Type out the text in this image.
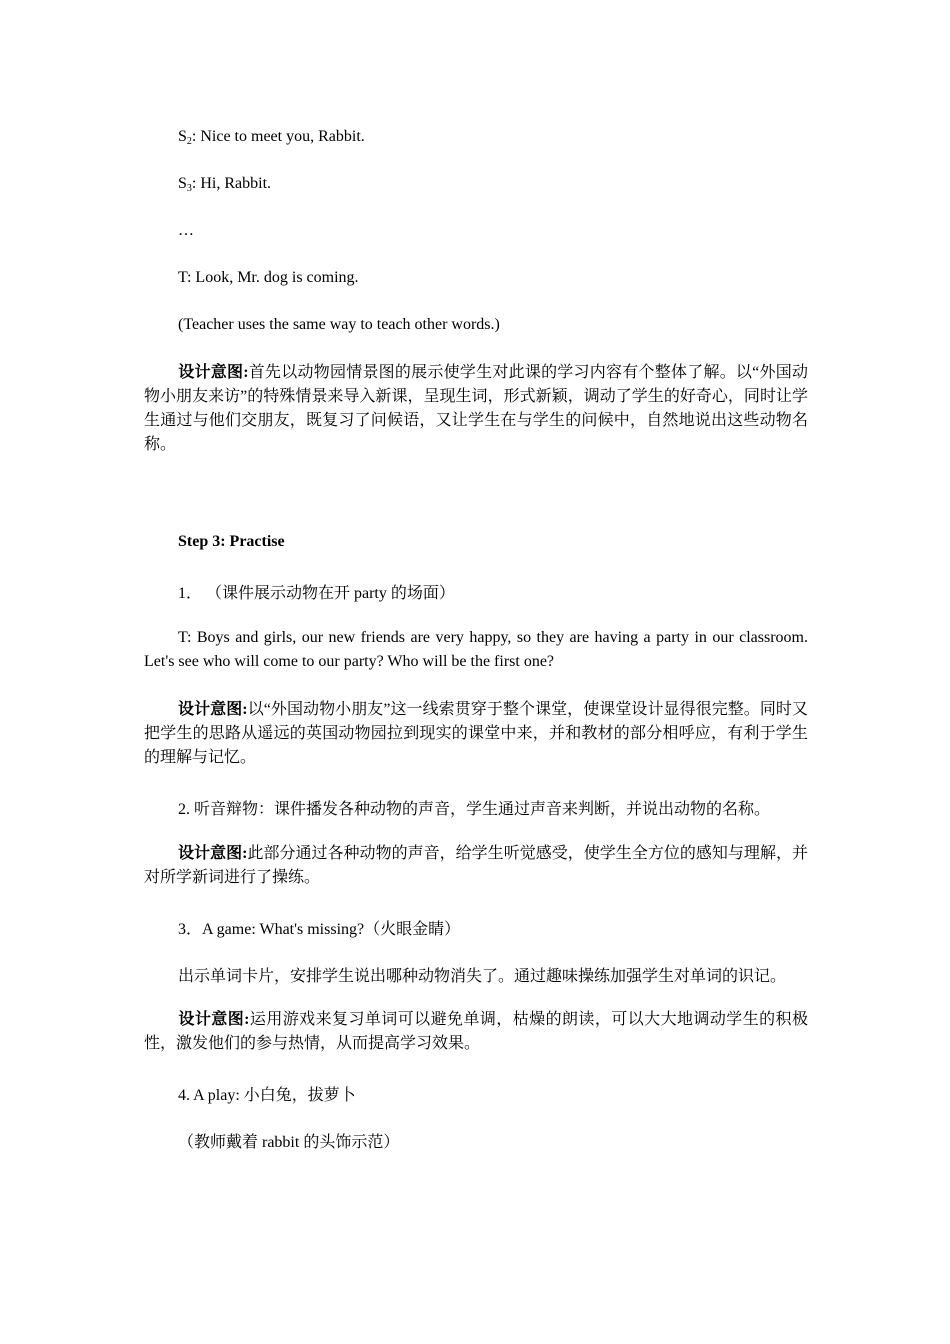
$S_2$: Nice to meet you, Rabbit.
$S_3$: Hi, Rabbit.
…
T: Look, Mr. dog is coming.
(Teacher uses the same way to teach other words.)
设计意图:首先以动物园情景图的展示使学生对此课的学习内容有个整体了解。以“外国动物小朋友来访”的特殊情景来导入新课，呈现生词，形式新颖，调动了学生的好奇心，同时让学生通过与他们交朋友，既复习了问候语，又让学生在与学生的问候中，自然地说出这些动物名称。
Step 3: Practise
1． （课件展示动物在开 party 的场面）
T: Boys and girls, our new friends are very happy, so they are having a party in our classroom. Let's see who will come to our party? Who will be the first one?
设计意图:以“外国动物小朋友”这一线索贯穿于整个课堂，使课堂设计显得很完整。同时又把学生的思路从遥远的英国动物园拉到现实的课堂中来，并和教材的部分相呼应，有利于学生的理解与记忆。
2. 听音辩物：课件播发各种动物的声音，学生通过声音来判断，并说出动物的名称。
设计意图:此部分通过各种动物的声音，给学生听觉感受，使学生全方位的感知与理解，并对所学新词进行了操练。
3．A game: What's missing?（火眼金睛）
出示单词卡片，安排学生说出哪种动物消失了。通过趣味操练加强学生对单词的识记。
设计意图:运用游戏来复习单词可以避免单调，枯燥的朗读，可以大大地调动学生的积极性，激发他们的参与热情，从而提高学习效果。
4. A play: 小白兔，拔萝卜
（教师戴着 rabbit 的头饰示范）
